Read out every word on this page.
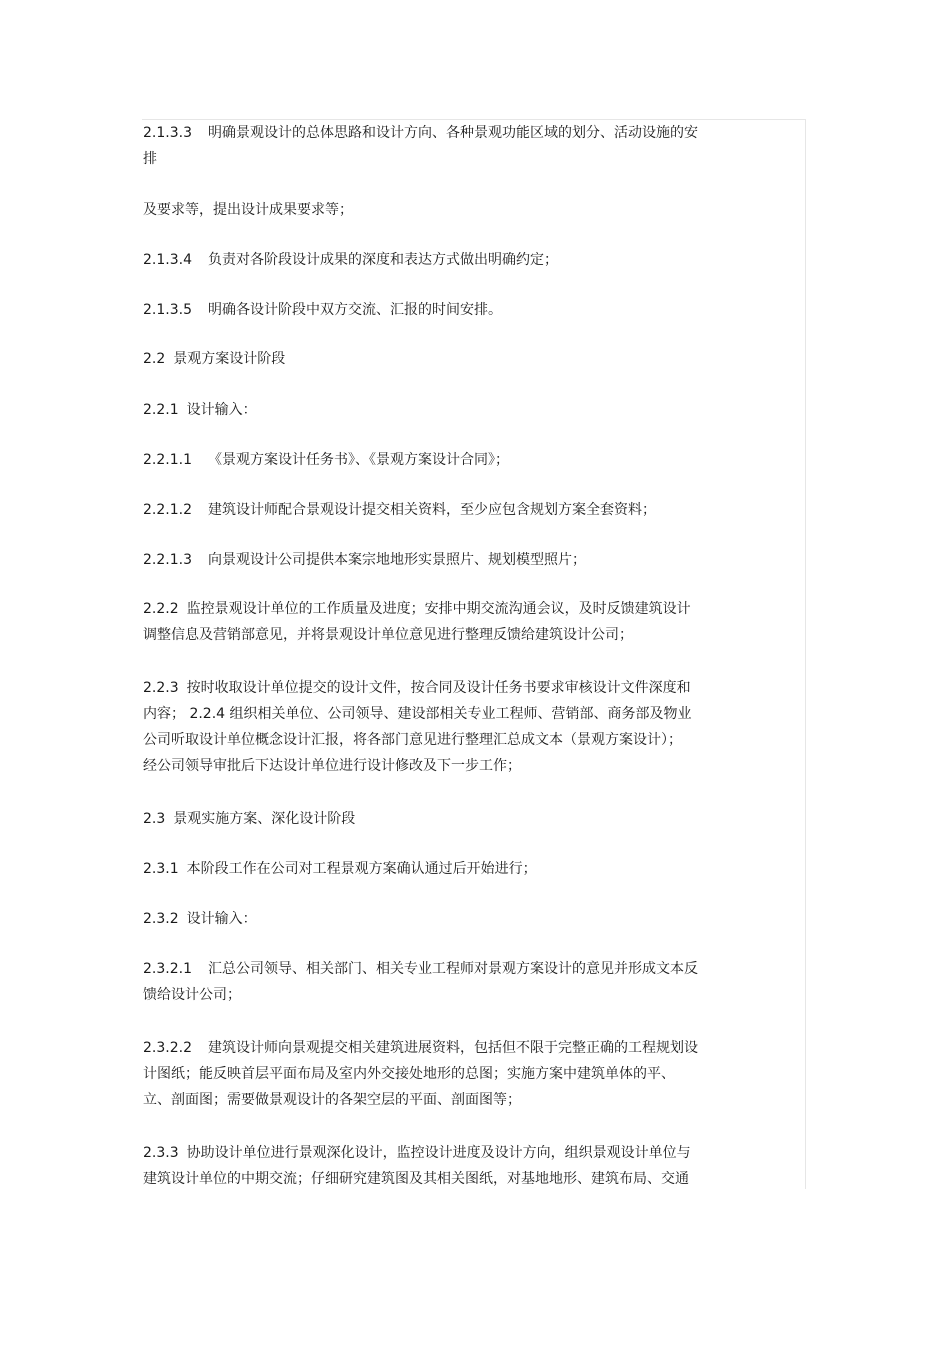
2.1.3.3 明确景观设计的总体思路和设计方向、各种景观功能区域的划分、活动设施的安
排
及要求等，提出设计成果要求等；
2.1.3.4 负责对各阶段设计成果的深度和表达方式做出明确约定；
2.1.3.5 明确各设计阶段中双方交流、汇报的时间安排。
2.2 景观方案设计阶段
2.2.1 设计输入：
2.2.1.1 《景观方案设计任务书》、《景观方案设计合同》；
2.2.1.2 建筑设计师配合景观设计提交相关资料，至少应包含规划方案全套资料；
2.2.1.3 向景观设计公司提供本案宗地地形实景照片、规划模型照片；
2.2.2 监控景观设计单位的工作质量及进度；安排中期交流沟通会议，及时反馈建筑设计
调整信息及营销部意见，并将景观设计单位意见进行整理反馈给建筑设计公司；
2.2.3 按时收取设计单位提交的设计文件，按合同及设计任务书要求审核设计文件深度和
内容； 2.2.4 组织相关单位、公司领导、建设部相关专业工程师、营销部、商务部及物业
公司听取设计单位概念设计汇报，将各部门意见进行整理汇总成文本（景观方案设计）；
经公司领导审批后下达设计单位进行设计修改及下一步工作；
2.3 景观实施方案、深化设计阶段
2.3.1 本阶段工作在公司对工程景观方案确认通过后开始进行；
2.3.2 设计输入：
2.3.2.1 汇总公司领导、相关部门、相关专业工程师对景观方案设计的意见并形成文本反
馈给设计公司；
2.3.2.2 建筑设计师向景观提交相关建筑进展资料，包括但不限于完整正确的工程规划设
计图纸；能反映首层平面布局及室内外交接处地形的总图；实施方案中建筑单体的平、
立、剖面图；需要做景观设计的各架空层的平面、剖面图等；
2.3.3 协助设计单位进行景观深化设计，监控设计进度及设计方向，组织景观设计单位与
建筑设计单位的中期交流；仔细研究建筑图及其相关图纸，对基地地形、建筑布局、交通
